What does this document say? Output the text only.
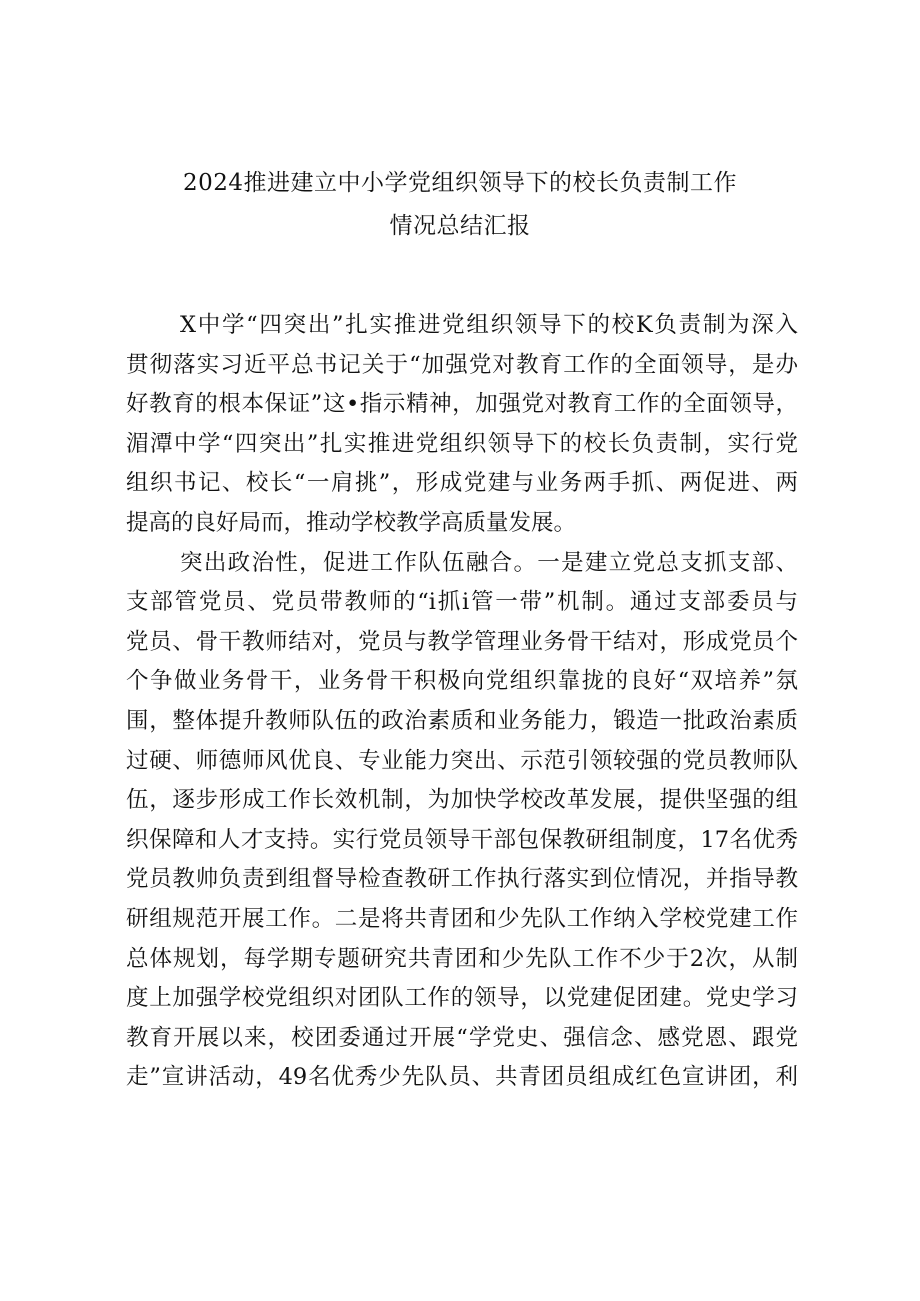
2024推进建立中小学党组织领导下的校长负责制工作
情况总结汇报
X中学“四突出”扎实推进党组织领导下的校K负责制为深入
贯彻落实习近平总书记关于“加强党对教育工作的全面领导，是办
好教育的根本保证”这•指示精神，加强党对教育工作的全面领导，
湄潭中学“四突出”扎实推进党组织领导下的校长负责制，实行党
组织书记、校长“一肩挑”，形成党建与业务两手抓、两促进、两
提高的良好局而，推动学校教学高质量发展。
突出政治性，促进工作队伍融合。一是建立党总支抓支部、
支部管党员、党员带教师的“i抓i管一带”机制。通过支部委员与
党员、骨干教师结对，党员与教学管理业务骨干结对，形成党员个
个争做业务骨干，业务骨干积极向党组织靠拢的良好“双培养”氛
围，整体提升教师队伍的政治素质和业务能力，锻造一批政治素质
过硬、师德师风优良、专业能力突出、示范引领较强的党员教师队
伍，逐步形成工作长效机制，为加快学校改革发展，提供坚强的组
织保障和人才支持。实行党员领导干部包保教研组制度，17名优秀
党员教帅负责到组督导检查教研工作执行落实到位情况，并指导教
研组规范开展工作。二是将共青团和少先队工作纳入学校党建工作
总体规划，每学期专题研究共青团和少先队工作不少于2次，从制
度上加强学校党组织对团队工作的领导，以党建促团建。党史学习
教育开展以来，校团委通过开展“学党史、强信念、感党恩、跟党
走”宣讲活动，49名优秀少先队员、共青团员组成红色宣讲团，利
